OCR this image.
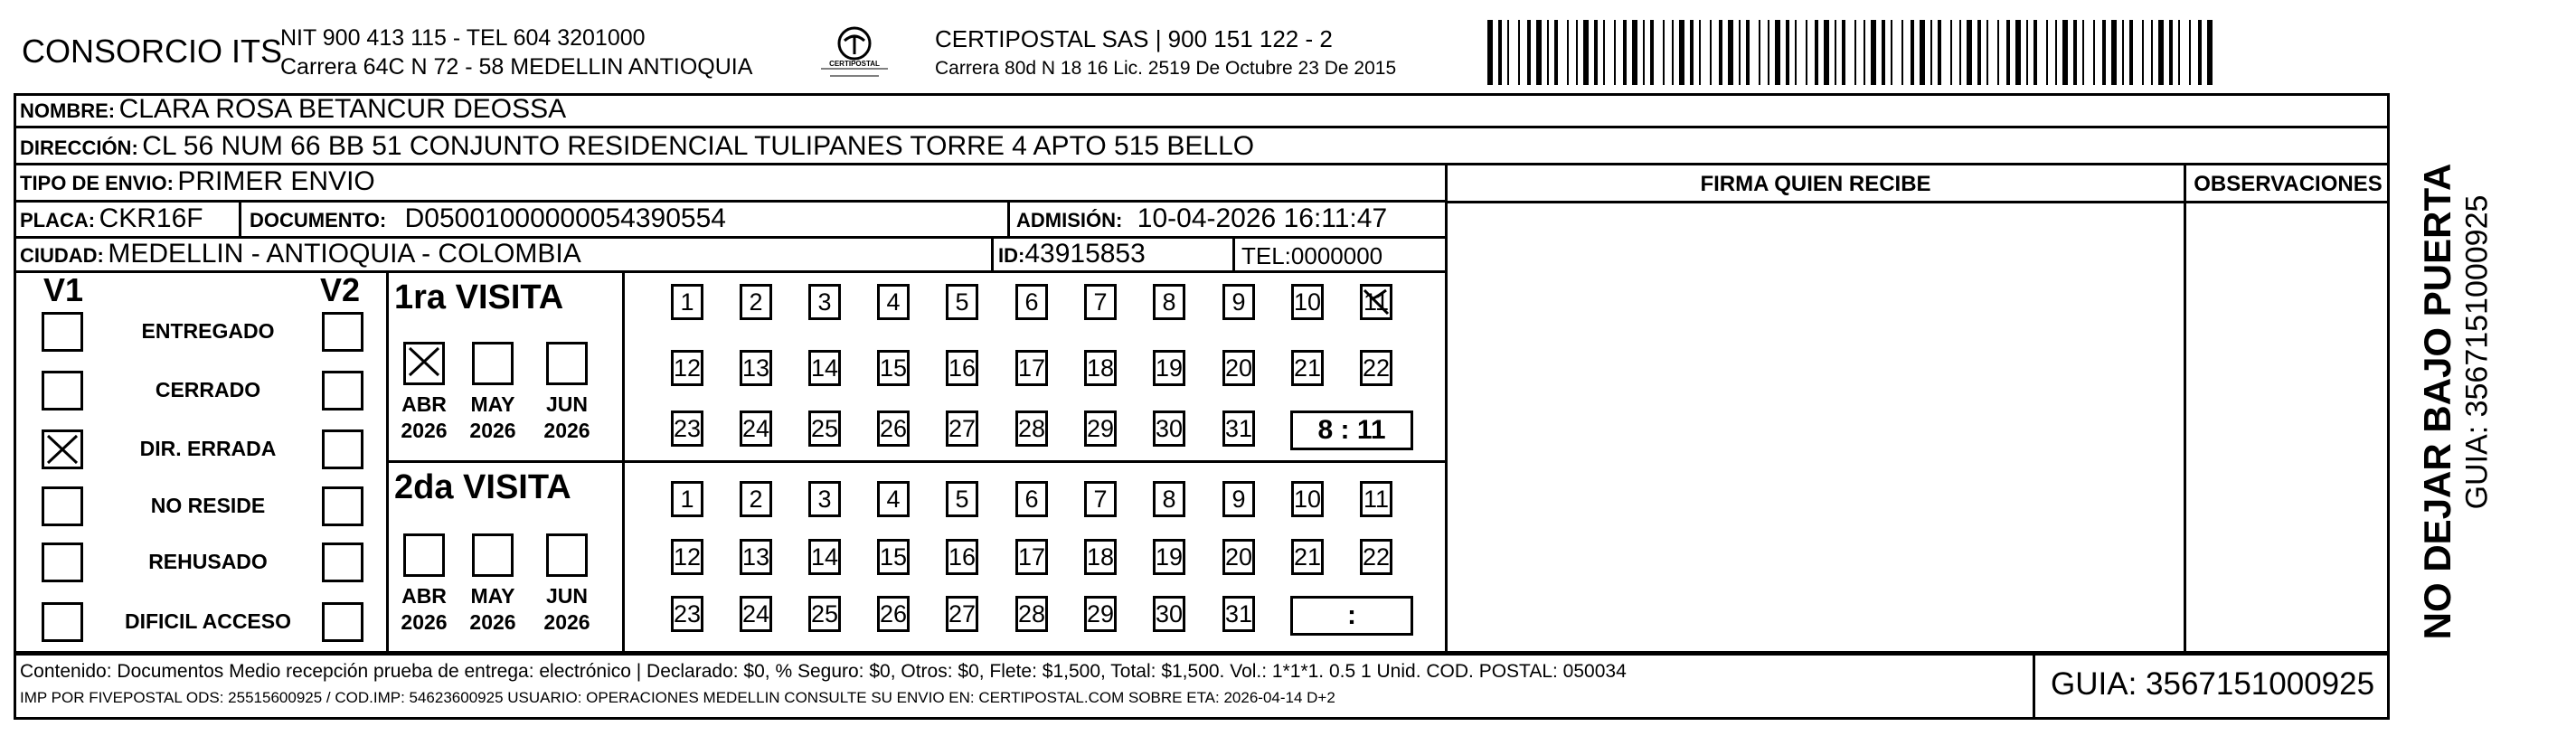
CONSORCIO ITS
NIT 900 413 115 - TEL 604 3201000
Carrera 64C N 72 - 58 MEDELLIN ANTIOQUIA	CERTIPOSTAL
CERTIPOSTAL SAS | 900 151 122 - 2
Carrera 80d N 18 16 Lic. 2519 De Octubre 23 De 2015
NOMBRE: CLARA ROSA BETANCUR DEOSSA
DIRECCIÓN: CL 56 NUM 66 BB 51 CONJUNTO RESIDENCIAL TULIPANES TORRE 4 APTO 515 BELLO
TIPO DE ENVIO: PRIMER ENVIO
PLACA: CKR16F DOCUMENTO: D05001000000054390554	ADMISIÓN: 10-04-2026 16:11:47
CIUDAD: MEDELLIN - ANTIOQUIA - COLOMBIA	ID:43915853	TEL:0000000
FIRMA QUIEN RECIBE	OBSERVACIONES
V1	V2
ENTREGADO
CERRADO
DIR. ERRADA
NO RESIDE
REHUSADO
DIFICIL ACCESO
1ra VISITA
ABR
2026
MAY
2026
JUN
2026
1	2	3	4	5	6	7	8	9	10 11
12 13 14 15 16 17 18 19 20 21 22
23 24 25 26 27 28 29 30 31	8 : 11
2da VISITA
ABR
2026
MAY
2026
JUN
2026
1	2	3	4	5	6	7	8	9	10 11
12 13 14 15 16 17 18 19 20 21 22
23 24 25 26 27 28 29 30 31	:	NO DEJAR BAJO PUERTA GUIA: 3567151000925
Contenido: Documentos Medio recepción prueba de entrega: electrónico | Declarado: $0, % Seguro: $0, Otros: $0, Flete: $1,500, Total: $1,500. Vol.: 1*1*1. 0.5 1 Unid. COD. POSTAL: 050034
IMP POR FIVEPOSTAL ODS: 25515600925 / COD.IMP: 54623600925 USUARIO: OPERACIONES MEDELLIN CONSULTE SU ENVIO EN: CERTIPOSTAL.COM SOBRE ETA: 2026-04-14 D+2	GUIA: 3567151000925
